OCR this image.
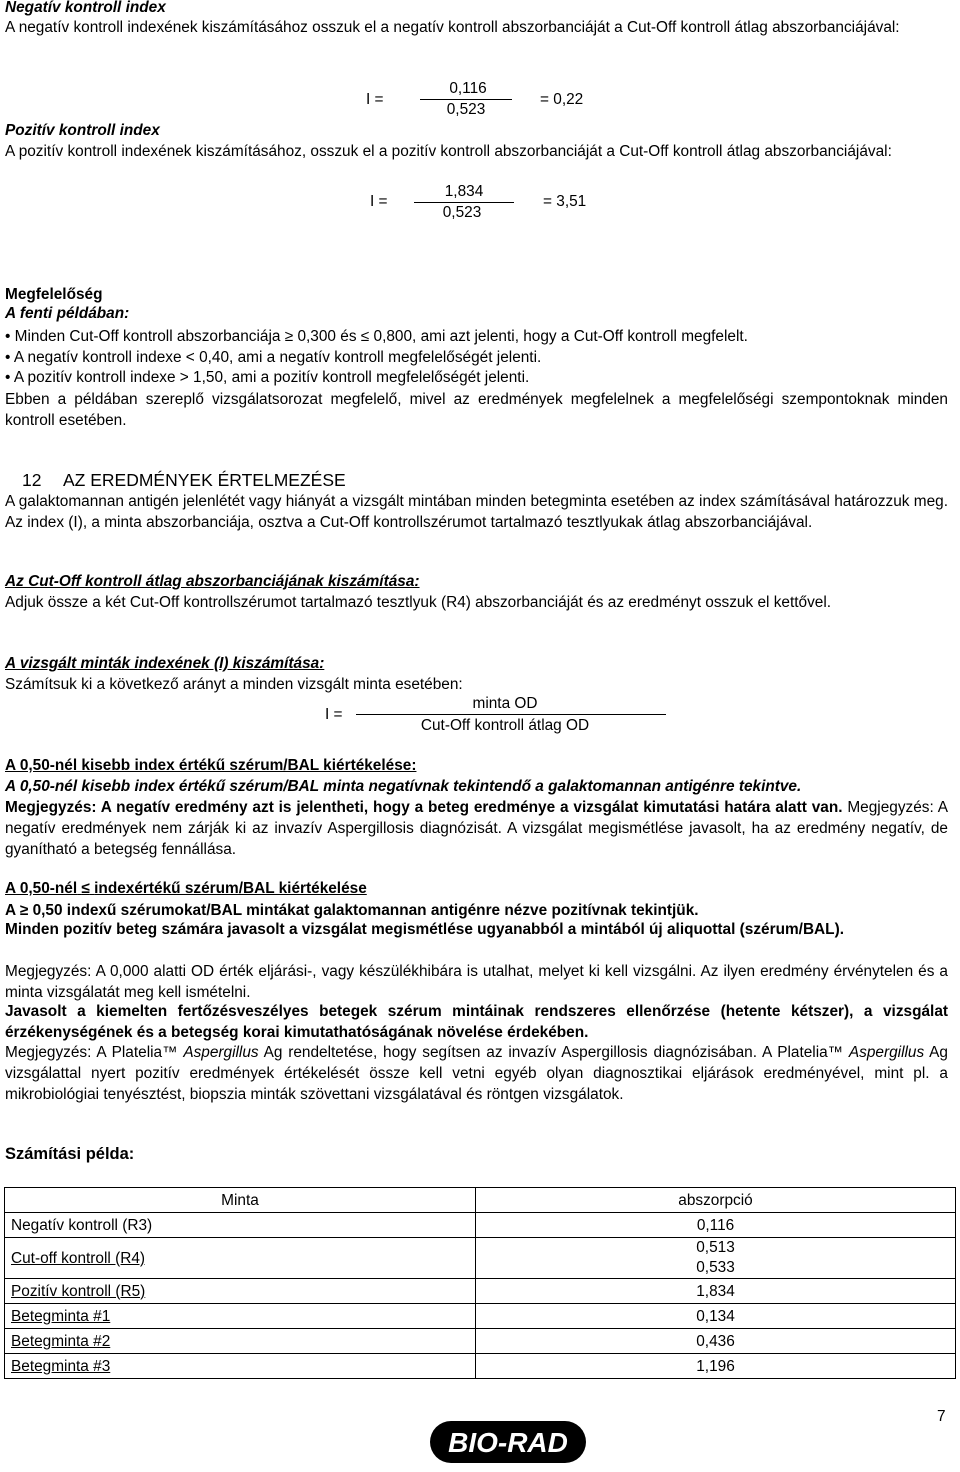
Negatív kontroll index
A negatív kontroll indexének kiszámításához osszuk el a negatív kontroll abszorbanciáját a Cut-Off kontroll átlag abszorbanciájával:
I =
0,116
0,523
= 0,22
Pozitív kontroll index
A pozitív kontroll indexének kiszámításához, osszuk el a pozitív kontroll abszorbanciáját a Cut-Off kontroll átlag abszorbanciájával:
I =
1,834
0,523
= 3,51
Megfelelőség
A fenti példában:
• Minden Cut-Off kontroll abszorbanciája ≥ 0,300 és ≤ 0,800, ami azt jelenti, hogy a Cut-Off kontroll megfelelt.
• A negatív kontroll indexe < 0,40, ami a negatív kontroll megfelelőségét jelenti.
• A pozitív kontroll indexe > 1,50, ami a pozitív kontroll megfelelőségét jelenti.
Ebben a példában szereplő vizsgálatsorozat megfelelő, mivel az eredmények megfelelnek a megfelelőségi szempontoknak minden kontroll esetében.
12 AZ EREDMÉNYEK ÉRTELMEZÉSE
A galaktomannan antigén jelenlétét vagy hiányát a vizsgált mintában minden betegminta esetében az index számításával határozzuk meg. Az index (I), a minta abszorbanciája, osztva a Cut-Off kontrollszérumot tartalmazó tesztlyukak átlag abszorbanciájával.
Az Cut-Off kontroll átlag abszorbanciájának kiszámítása:
Adjuk össze a két Cut-Off kontrollszérumot tartalmazó tesztlyuk (R4) abszorbanciáját és az eredményt osszuk el kettővel.
A vizsgált minták indexének (I) kiszámítása:
Számítsuk ki a következő arányt a minden vizsgált minta esetében:
I =
minta OD
Cut-Off kontroll átlag OD
A 0,50-nél kisebb index értékű szérum/BAL kiértékelése:
A 0,50-nél kisebb index értékű szérum/BAL minta negatívnak tekintendő a galaktomannan antigénre tekintve.
Megjegyzés: A negatív eredmény azt is jelentheti, hogy a beteg eredménye a vizsgálat kimutatási határa alatt van. Megjegyzés: A negatív eredmények nem zárják ki az invazív Aspergillosis diagnózisát. A vizsgálat megismétlése javasolt, ha az eredmény negatív, de gyanítható a betegség fennállása.
A 0,50-nél ≤ indexértékű szérum/BAL kiértékelése
A ≥ 0,50 indexű szérumokat/BAL mintákat galaktomannan antigénre nézve pozitívnak tekintjük.
Minden pozitív beteg számára javasolt a vizsgálat megismétlése ugyanabból a mintából új aliquottal (szérum/BAL).
Megjegyzés: A 0,000 alatti OD érték eljárási-, vagy készülékhibára is utalhat, melyet ki kell vizsgálni. Az ilyen eredmény érvénytelen és a minta vizsgálatát meg kell ismételni.
Javasolt a kiemelten fertőzésveszélyes betegek szérum mintáinak rendszeres ellenőrzése (hetente kétszer), a vizsgálat érzékenységének és a betegség korai kimutathatóságának növelése érdekében.
Megjegyzés: A Platelia™ Aspergillus Ag rendeltetése, hogy segítsen az invazív Aspergillosis diagnózisában. A Platelia™ Aspergillus Ag vizsgálattal nyert pozitív eredmények értékelését össze kell vetni egyéb olyan diagnosztikai eljárások eredményével, mint pl. a mikrobiológiai tenyésztést, biopszia minták szövettani vizsgálatával és röntgen vizsgálatok.
Számítási példa:
Minta	abszorpció
Negatív kontroll (R3)	0,116
Cut-off kontroll (R4)	0,513
0,533

Pozitív kontroll (R5)	1,834
Betegminta #1	0,134
Betegminta #2	0,436
Betegminta #3	1,196
7
BIO-RAD
